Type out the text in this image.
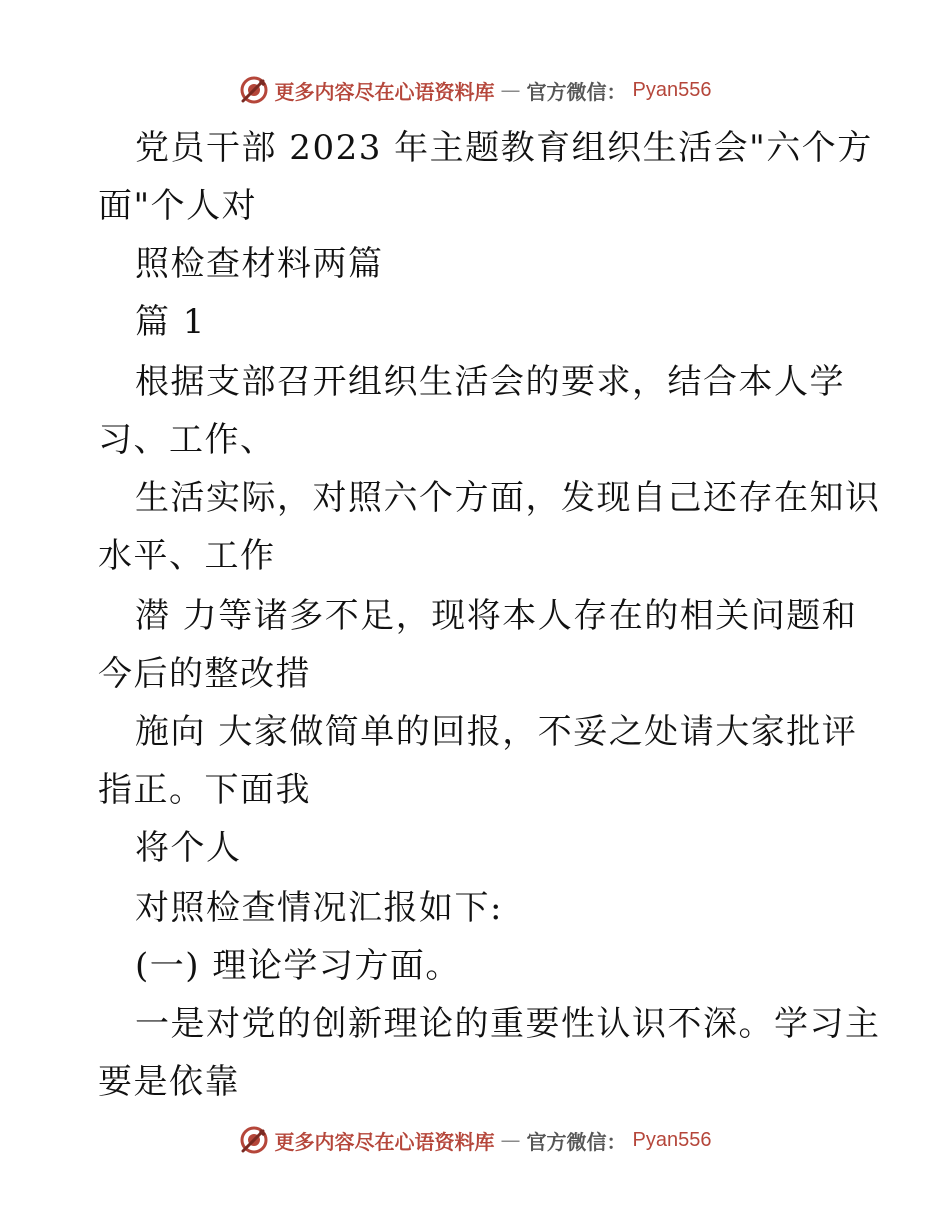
更多内容尽在心语资料库 — 官方微信： Pyan556
党员干部 2023 年主题教育组织生活会"六个方
面"个人对
照检查材料两篇
篇 1
根据支部召开组织生活会的要求，结合本人学
习、工作、
生活实际，对照六个方面，发现自己还存在知识
水平、工作
潜 力等诸多不足，现将本人存在的相关问题和
今后的整改措
施向 大家做简单的回报，不妥之处请大家批评
指正。下面我
将个人
对照检查情况汇报如下:
(一) 理论学习方面。
一是对党的创新理论的重要性认识不深。学习主
要是依靠
更多内容尽在心语资料库 — 官方微信： Pyan556
